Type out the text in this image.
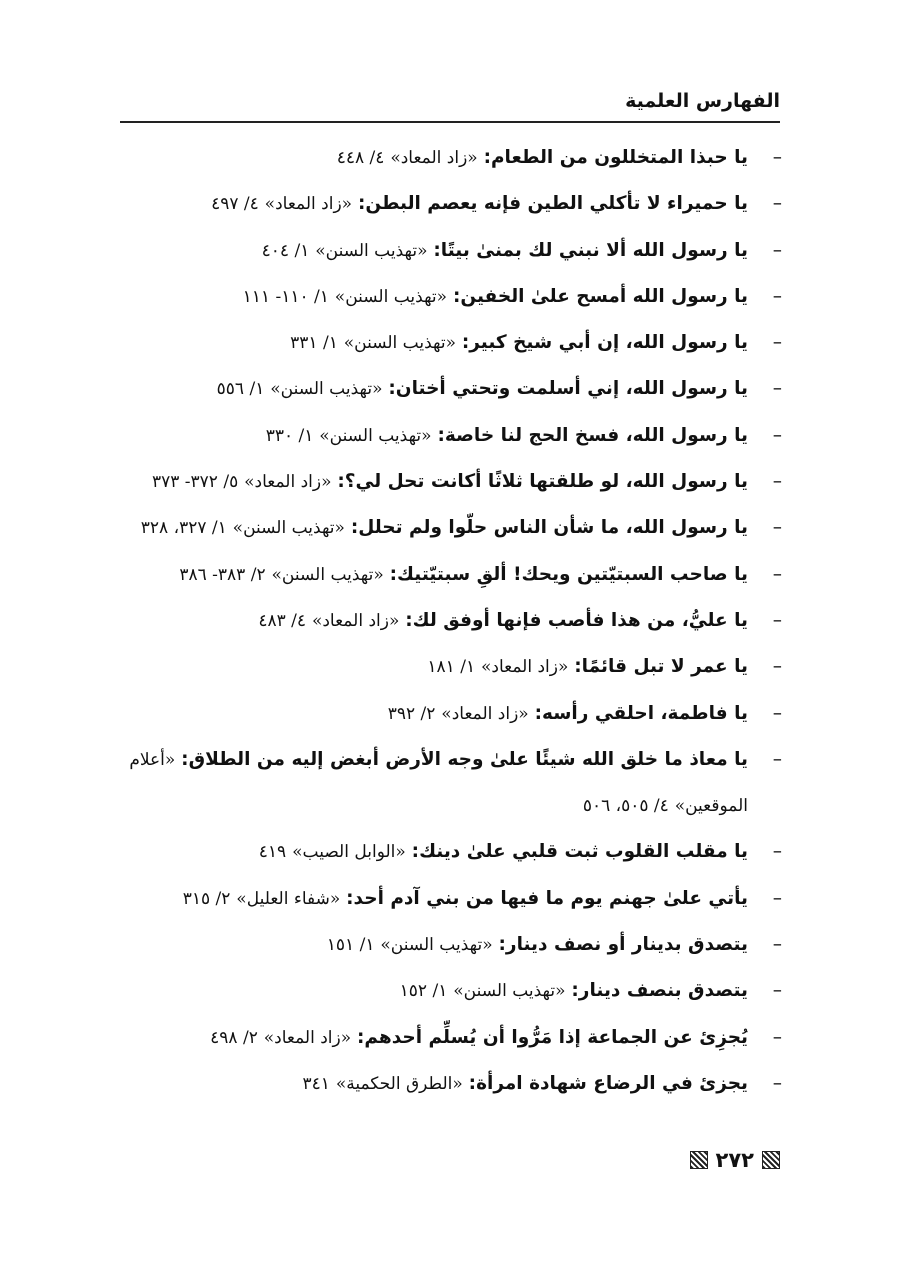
الفهارس العلمية
–
يا حبذا المتخللون من الطعام: «زاد المعاد» ٤/ ٤٤٨
–
يا حميراء لا تأكلي الطين فإنه يعصم البطن: «زاد المعاد» ٤/ ٤٩٧
–
يا رسول الله ألا نبني لك بمنىٰ بيتًا: «تهذيب السنن» ١/ ٤٠٤
–
يا رسول الله أمسح علىٰ الخفين: «تهذيب السنن» ١/ ١١٠- ١١١
–
يا رسول الله، إن أبي شيخ كبير: «تهذيب السنن» ١/ ٣٣١
–
يا رسول الله، إني أسلمت وتحتي أختان: «تهذيب السنن» ١/ ٥٥٦
–
يا رسول الله، فسخ الحج لنا خاصة: «تهذيب السنن» ١/ ٣٣٠
–
يا رسول الله، لو طلقتها ثلاثًا أكانت تحل لي؟: «زاد المعاد» ٥/ ٣٧٢- ٣٧٣
–
يا رسول الله، ما شأن الناس حلّوا ولم تحلل: «تهذيب السنن» ١/ ٣٢٧، ٣٢٨
–
يا صاحب السبتيّتين ويحك! ألقِ سبتيّتيك: «تهذيب السنن» ٢/ ٣٨٣- ٣٨٦
–
يا عليُّ، من هذا فأصب فإنها أوفق لك: «زاد المعاد» ٤/ ٤٨٣
–
يا عمر لا تبل قائمًا: «زاد المعاد» ١/ ١٨١
–
يا فاطمة، احلقي رأسه: «زاد المعاد» ٢/ ٣٩٢
–
يا معاذ ما خلق الله شيئًا علىٰ وجه الأرض أبغض إليه من الطلاق: «أعلام الموقعين» ٤/ ٥٠٥، ٥٠٦
–
يا مقلب القلوب ثبت قلبي علىٰ دينك: «الوابل الصيب» ٤١٩
–
يأتي علىٰ جهنم يوم ما فيها من بني آدم أحد: «شفاء العليل» ٢/ ٣١٥
–
يتصدق بدينار أو نصف دينار: «تهذيب السنن» ١/ ١٥١
–
يتصدق بنصف دينار: «تهذيب السنن» ١/ ١٥٢
–
يُجزِئ عن الجماعة إذا مَرُّوا أن يُسلِّم أحدهم: «زاد المعاد» ٢/ ٤٩٨
–
يجزئ في الرضاع شهادة امرأة: «الطرق الحكمية» ٣٤١
٢٧٢
